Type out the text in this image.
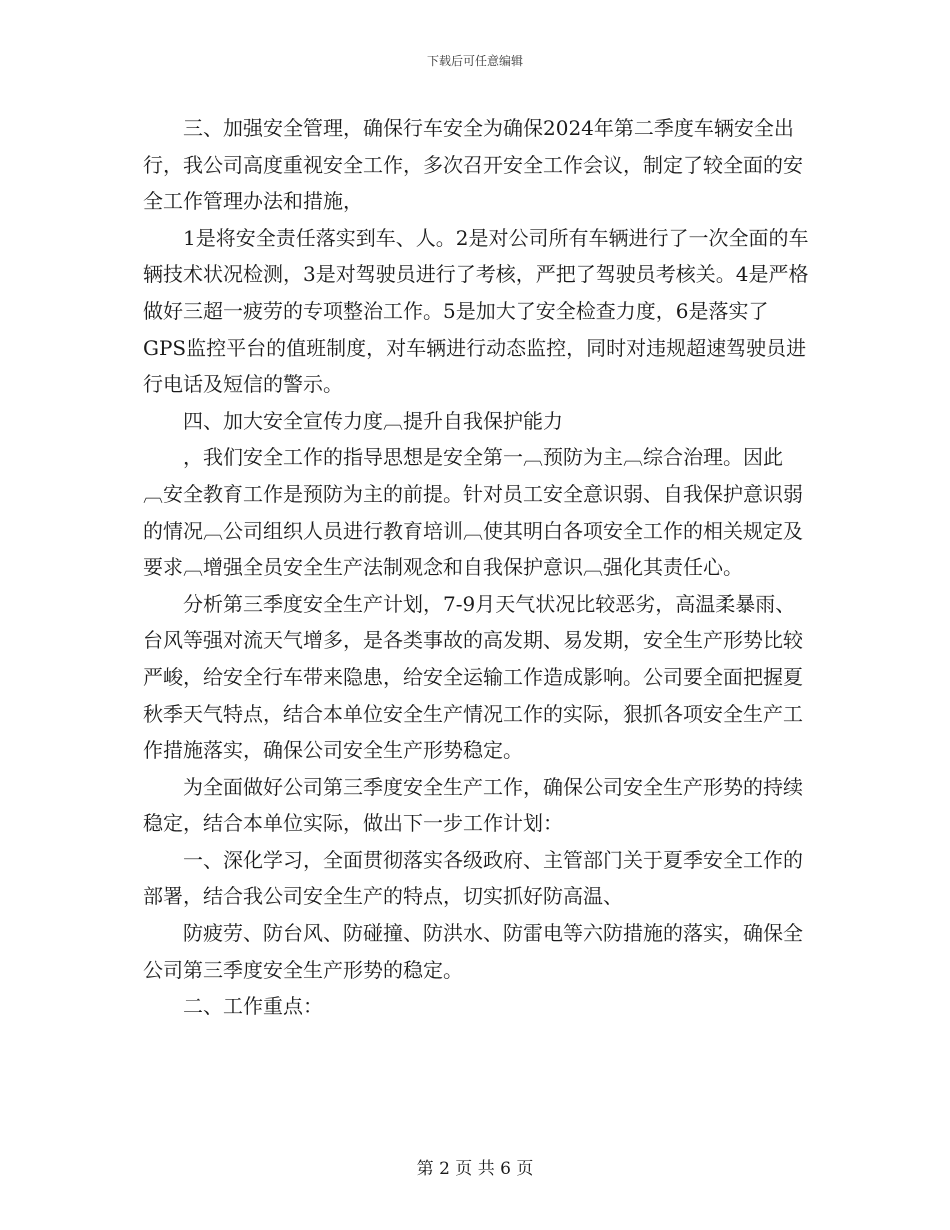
下载后可任意编辑

三、加强安全管理，确保行车安全为确保2024年第二季度车辆安全出行，我公司高度重视安全工作，多次召开安全工作会议，制定了较全面的安全工作管理办法和措施，

1是将安全责任落实到车、人。2是对公司所有车辆进行了一次全面的车辆技术状况检测，3是对驾驶员进行了考核，严把了驾驶员考核关。4是严格做好三超一疲劳的专项整治工作。5是加大了安全检查力度，6是落实了GPS监控平台的值班制度，对车辆进行动态监控，同时对违规超速驾驶员进行电话及短信的警示。

四、加大安全宣传力度︹提升自我保护能力

，我们安全工作的指导思想是安全第一︹预防为主︹综合治理。因此︹安全教育工作是预防为主的前提。针对员工安全意识弱、自我保护意识弱的情况︹公司组织人员进行教育培训︹使其明白各项安全工作的相关规定及要求︹增强全员安全生产法制观念和自我保护意识︹强化其责任心。

分析第三季度安全生产计划，7-9月天气状况比较恶劣，高温柔暴雨、台风等强对流天气增多，是各类事故的高发期、易发期，安全生产形势比较严峻，给安全行车带来隐患，给安全运输工作造成影响。公司要全面把握夏秋季天气特点，结合本单位安全生产情况工作的实际，狠抓各项安全生产工作措施落实，确保公司安全生产形势稳定。

为全面做好公司第三季度安全生产工作，确保公司安全生产形势的持续稳定，结合本单位实际，做出下一步工作计划：

一、深化学习，全面贯彻落实各级政府、主管部门关于夏季安全工作的部署，结合我公司安全生产的特点，切实抓好防高温、

防疲劳、防台风、防碰撞、防洪水、防雷电等六防措施的落实，确保全公司第三季度安全生产形势的稳定。

二、工作重点：

第 2 页 共 6 页
